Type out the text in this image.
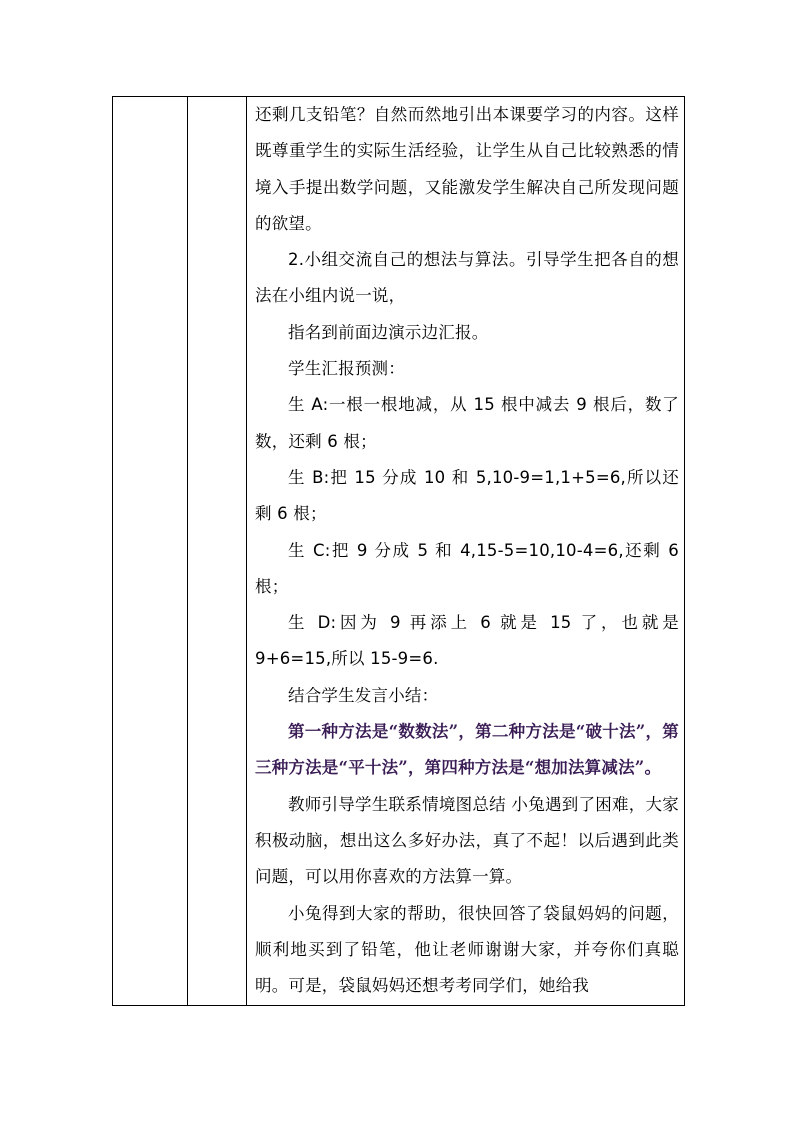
还剩几支铅笔？自然而然地引出本课要学习的内容。这样既尊重学生的实际生活经验，让学生从自己比较熟悉的情境入手提出数学问题，又能激发学生解决自己所发现问题的欲望。

2.小组交流自己的想法与算法。引导学生把各自的想法在小组内说一说，

指名到前面边演示边汇报。

学生汇报预测：

生 A:一根一根地减，从 15 根中减去 9 根后，数了数，还剩 6 根；

生 B:把 15 分成 10 和 5,10-9=1,1+5=6,所以还剩 6 根；

生 C:把 9 分成 5 和 4,15-5=10,10-4=6,还剩 6 根；

生 D:因为 9 再添上 6 就是 15 了，也就是 9+6=15,所以 15-9=6.

结合学生发言小结：

第一种方法是“数数法”，第二种方法是“破十法”，第三种方法是“平十法”，第四种方法是“想加法算减法”。

教师引导学生联系情境图总结 小兔遇到了困难，大家积极动脑，想出这么多好办法，真了不起！以后遇到此类问题，可以用你喜欢的方法算一算。

小兔得到大家的帮助，很快回答了袋鼠妈妈的问题，顺利地买到了铅笔，他让老师谢谢大家，并夸你们真聪明。可是，袋鼠妈妈还想考考同学们，她给我
